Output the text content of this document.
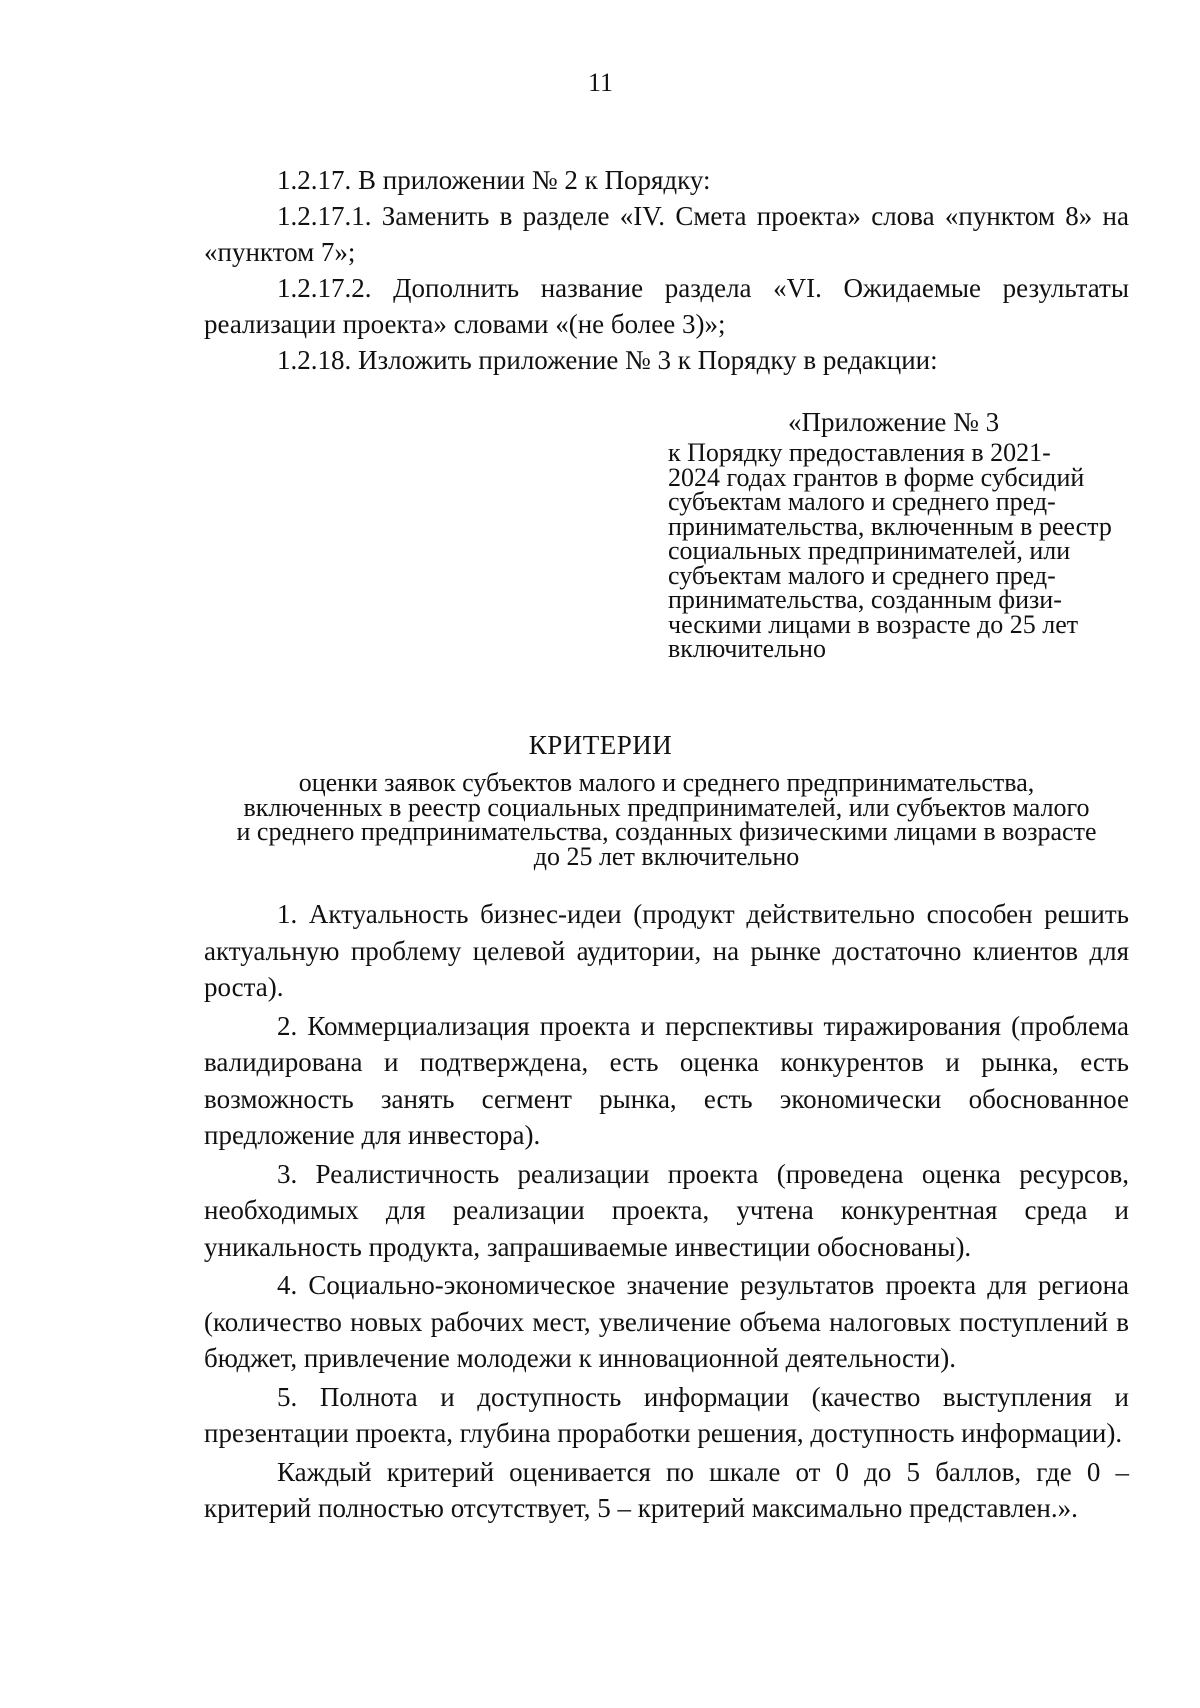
11

1.2.17. В приложении № 2 к Порядку:

1.2.17.1. Заменить в разделе «IV. Смета проекта» слова «пунктом 8» на «пунктом 7»;

1.2.17.2. Дополнить название раздела «VI. Ожидаемые результаты реализации проекта» словами «(не более 3)»;

1.2.18. Изложить приложение № 3 к Порядку в редакции:

«Приложение № 3
к Порядку предоставления в 2021-
2024 годах грантов в форме субсидий
субъектам малого и среднего пред-
принимательства, включенным в реестр
социальных предпринимателей, или
субъектам малого и среднего пред-
принимательства, созданным физи-
ческими лицами в возрасте до 25 лет
включительно
КРИТЕРИИ
оценки заявок субъектов малого и среднего предпринимательства,
включенных в реестр социальных предпринимателей, или субъектов малого
и среднего предпринимательства, созданных физическими лицами в возрасте
до 25 лет включительно

1. Актуальность бизнес-идеи (продукт действительно способен решить актуальную проблему целевой аудитории, на рынке достаточно клиентов для роста).

2. Коммерциализация проекта и перспективы тиражирования (проблема валидирована и подтверждена, есть оценка конкурентов и рынка, есть возможность занять сегмент рынка, есть экономически обоснованное предложение для инвестора).

3. Реалистичность реализации проекта (проведена оценка ресурсов, необходимых для реализации проекта, учтена конкурентная среда и уникальность продукта, запрашиваемые инвестиции обоснованы).

4. Социально-экономическое значение результатов проекта для региона (количество новых рабочих мест, увеличение объема налоговых поступлений в бюджет, привлечение молодежи к инновационной деятельности).

5. Полнота и доступность информации (качество выступления и презентации проекта, глубина проработки решения, доступность информации).

Каждый критерий оценивается по шкале от 0 до 5 баллов, где 0 – критерий полностью отсутствует, 5 – критерий максимально представлен.».
